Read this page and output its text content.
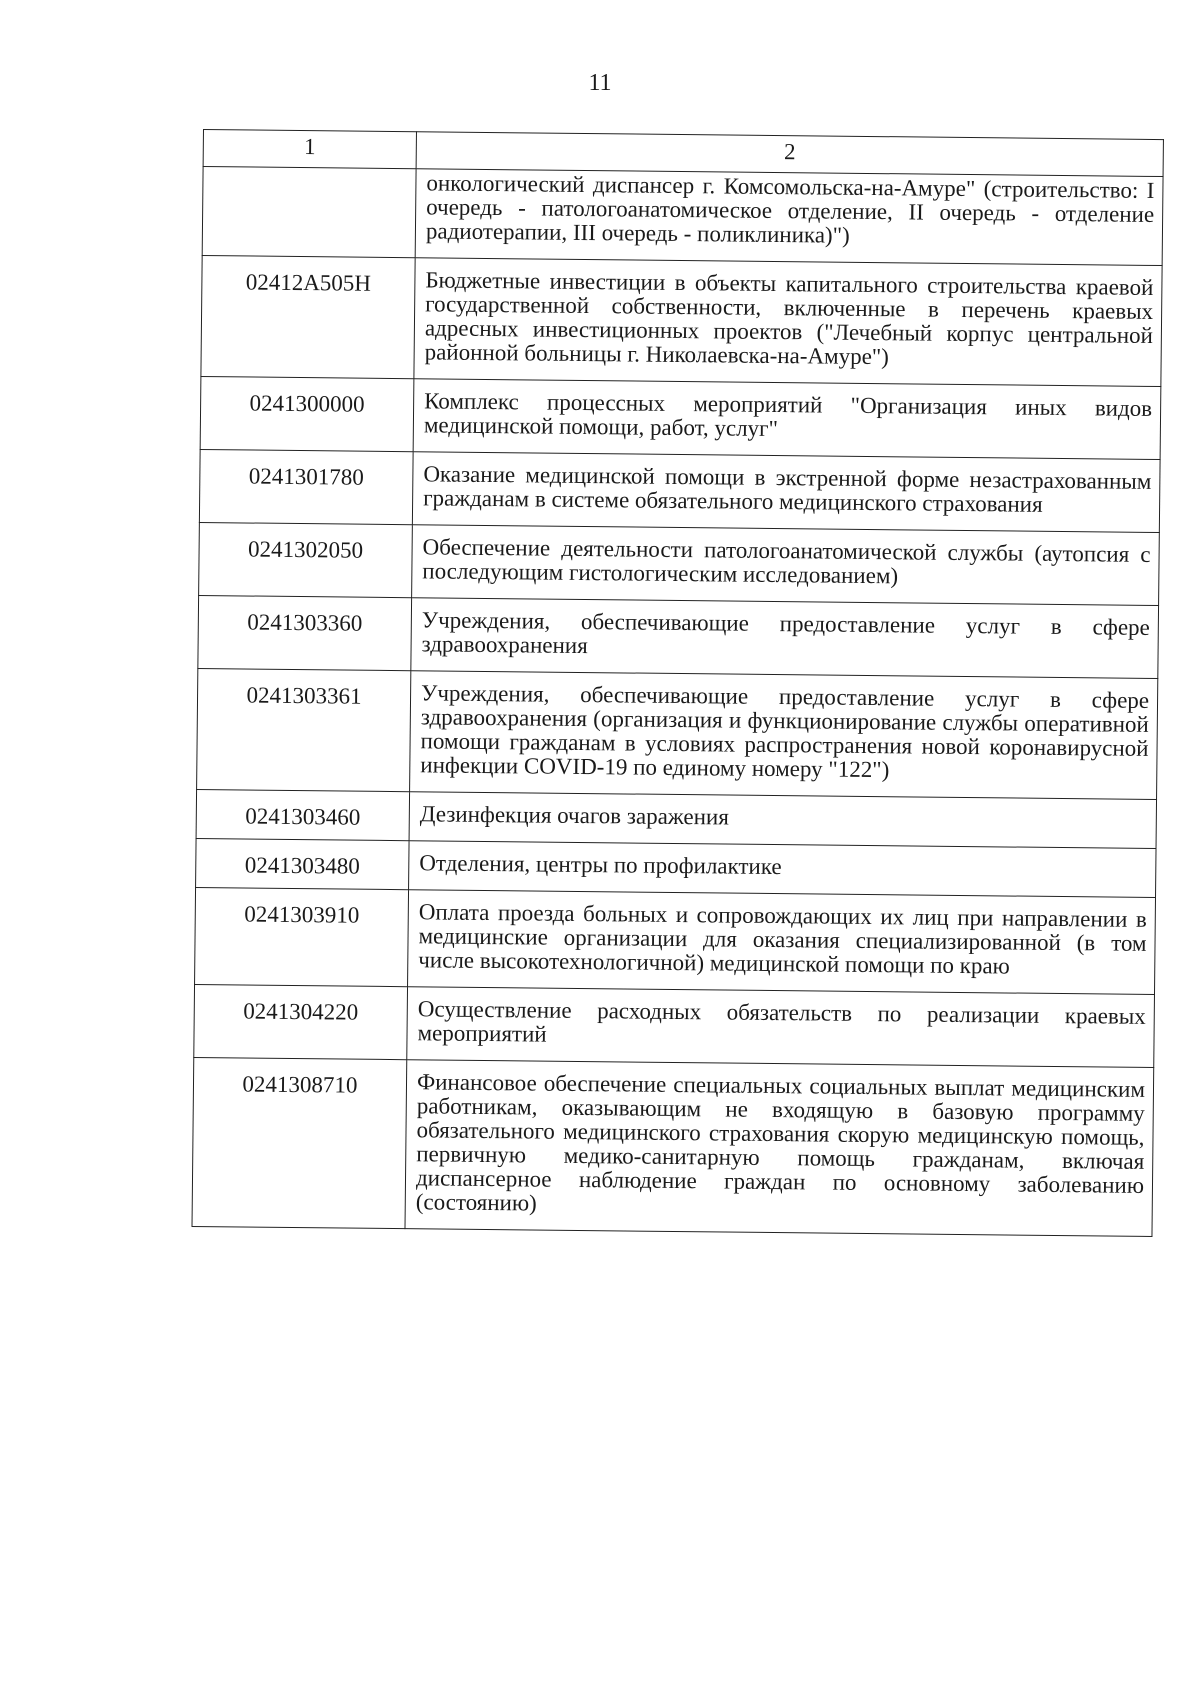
11
1	2
	онкологический диспансер г. Комсомольска-на-Амуре" (строительство: I очередь - патологоанатомическое отделение, II очередь - отделение радиотерапии, III очередь - поликлиника)")
02412A505H	Бюджетные инвестиции в объекты капитального строительства краевой государственной собственности, включенные в перечень краевых адресных инвестиционных проектов ("Лечебный корпус центральной районной больницы г. Николаевска-на-Амуре")
0241300000	Комплекс процессных мероприятий "Организация иных видов медицинской помощи, работ, услуг"
0241301780	Оказание медицинской помощи в экстренной форме незастрахованным гражданам в системе обязательного медицинского страхования
0241302050	Обеспечение деятельности патологоанатомической службы (аутопсия с последующим гистологическим исследованием)
0241303360	Учреждения, обеспечивающие предоставление услуг в сфере здравоохранения
0241303361	Учреждения, обеспечивающие предоставление услуг в сфере здравоохранения (организация и функционирование службы оперативной помощи гражданам в условиях распространения новой коронавирусной инфекции COVID-19 по единому номеру "122")
0241303460	Дезинфекция очагов заражения
0241303480	Отделения, центры по профилактике
0241303910	Оплата проезда больных и сопровождающих их лиц при направлении в медицинские организации для оказания специализированной (в том числе высокотехнологичной) медицинской помощи по краю
0241304220	Осуществление расходных обязательств по реализации краевых мероприятий
0241308710	Финансовое обеспечение специальных социальных выплат медицинским работникам, оказывающим не входящую в базовую программу обязательного медицинского страхования скорую медицинскую помощь, первичную медико-санитарную помощь гражданам, включая диспансерное наблюдение граждан по основному заболеванию (состоянию)
